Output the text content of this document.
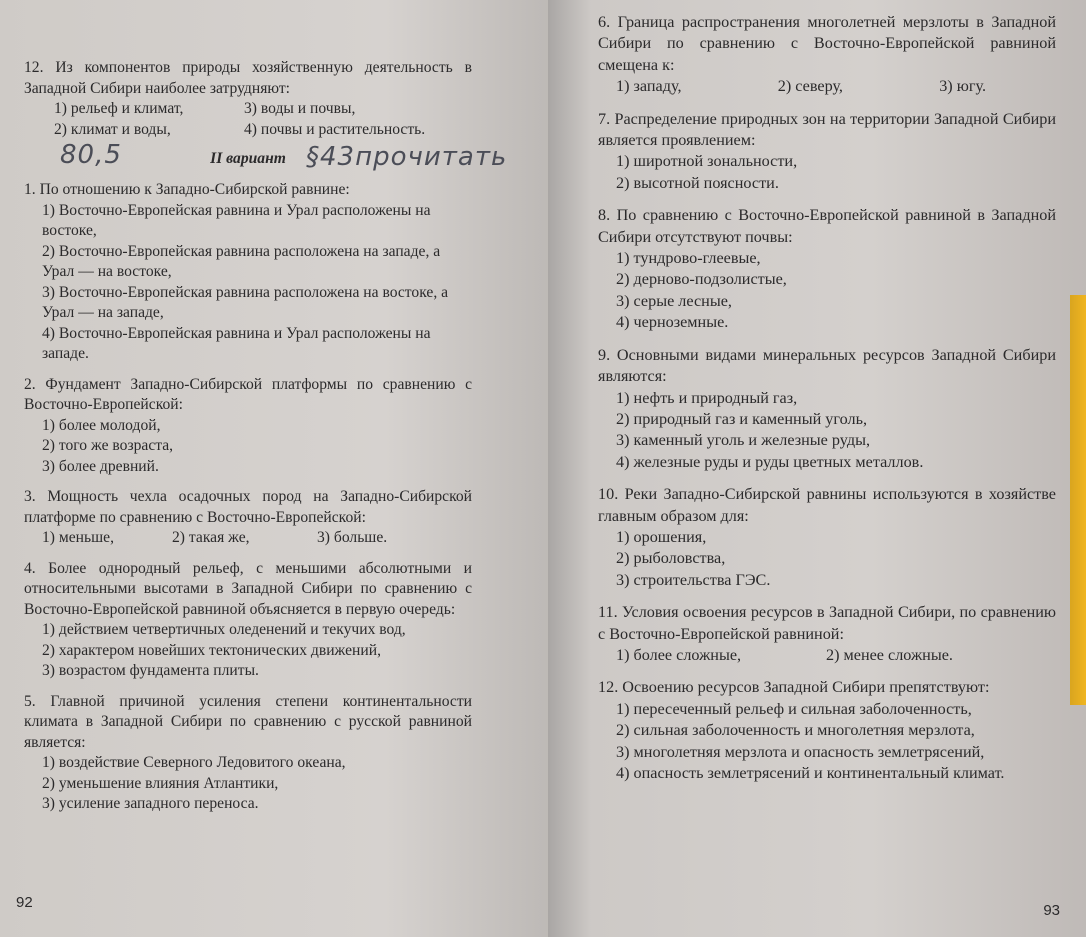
12. Из компонентов природы хозяйственную деятельность в Западной Сибири наиболее затрудняют:
1) рельеф и климат,	3) воды и почвы,
2) климат и воды,	4) почвы и растительность.
80,5	II вариант §43прочитать
1. По отношению к Западно-Сибирской равнине:
1) Восточно-Европейская равнина и Урал расположены на востоке,
2) Восточно-Европейская равнина расположена на западе, а Урал — на востоке,
3) Восточно-Европейская равнина расположена на востоке, а Урал — на западе,
4) Восточно-Европейская равнина и Урал расположены на западе.
2. Фундамент Западно-Сибирской платформы по сравнению с Восточно-Европейской:
1) более молодой,
2) того же возраста,
3) более древний.
3. Мощность чехла осадочных пород на Западно-Сибирской платформе по сравнению с Восточно-Европейской:
1) меньше,	2) такая же,	3) больше.
4. Более однородный рельеф, с меньшими абсолютными и относительными высотами в Западной Сибири по сравнению с Восточно-Европейской равниной объясняется в первую очередь:
1) действием четвертичных оледенений и текучих вод,
2) характером новейших тектонических движений,
3) возрастом фундамента плиты.
5. Главной причиной усиления степени континентальности климата в Западной Сибири по сравнению с русской равниной является:
1) воздействие Северного Ледовитого океана,
2) уменьшение влияния Атлантики,
3) усиление западного переноса.
92
6. Граница распространения многолетней мерзлоты в Западной Сибири по сравнению с Восточно-Европейской равниной смещена к:
1) западу,	2) северу,	3) югу.
7. Распределение природных зон на территории Западной Сибири является проявлением:
1) широтной зональности,
2) высотной поясности.
8. По сравнению с Восточно-Европейской равниной в Западной Сибири отсутствуют почвы:
1) тундрово-глеевые,
2) дерново-подзолистые,
3) серые лесные,
4) черноземные.
9. Основными видами минеральных ресурсов Западной Сибири являются:
1) нефть и природный газ,
2) природный газ и каменный уголь,
3) каменный уголь и железные руды,
4) железные руды и руды цветных металлов.
10. Реки Западно-Сибирской равнины используются в хозяйстве главным образом для:
1) орошения,
2) рыболовства,
3) строительства ГЭС.
11. Условия освоения ресурсов в Западной Сибири, по сравнению с Восточно-Европейской равниной:
1) более сложные,	2) менее сложные.
12. Освоению ресурсов Западной Сибири препятствуют:
1) пересеченный рельеф и сильная заболоченность,
2) сильная заболоченность и многолетняя мерзлота,
3) многолетняя мерзлота и опасность землетрясений,
4) опасность землетрясений и континентальный климат.
93
